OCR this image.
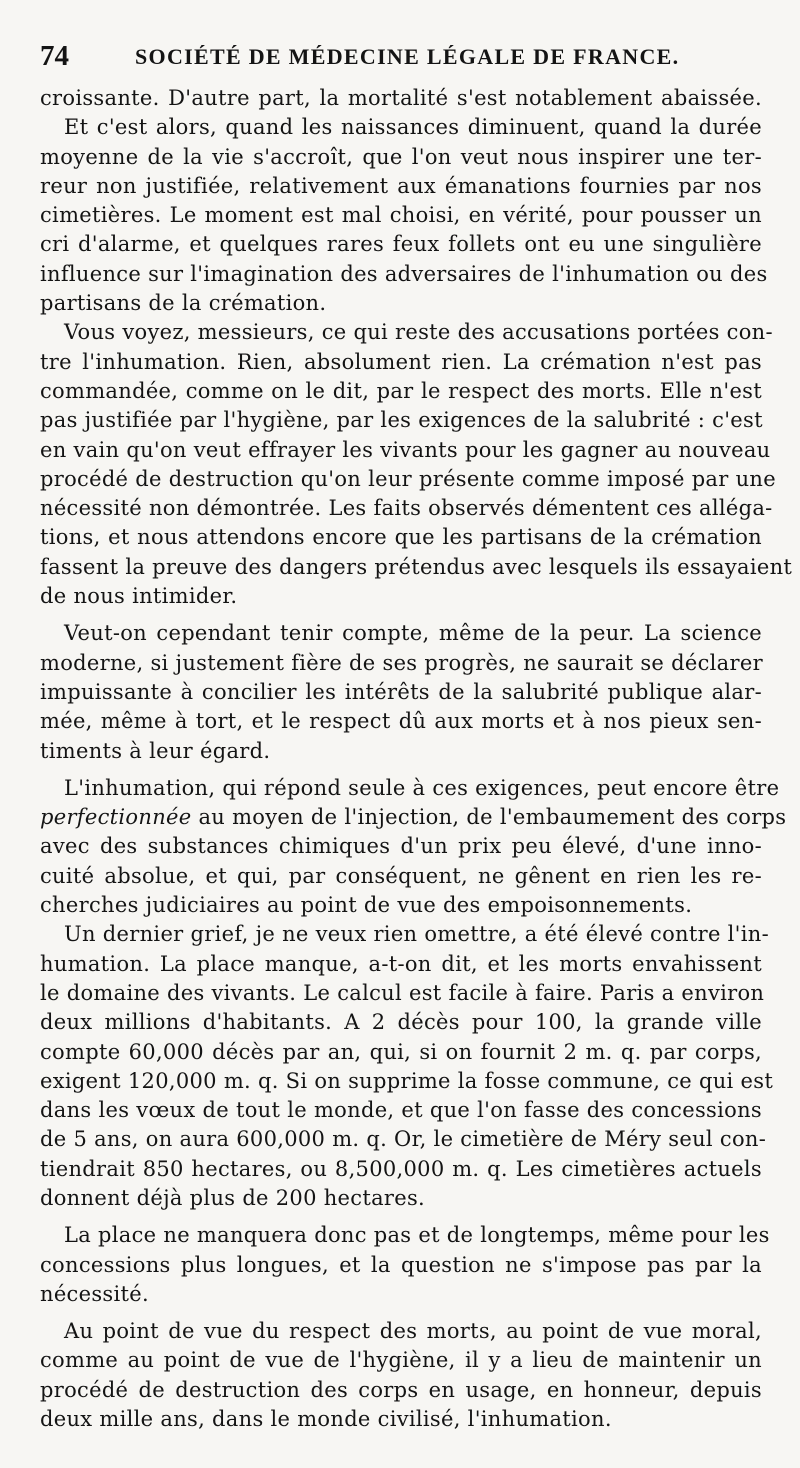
74	SOCIÉTÉ DE MÉDECINE LÉGALE DE FRANCE.
croissante. D'autre part, la mortalité s'est notablement abaissée.
Et c'est alors, quand les naissances diminuent, quand la durée
moyenne de la vie s'accroît, que l'on veut nous inspirer une ter-
reur non justifiée, relativement aux émanations fournies par nos
cimetières. Le moment est mal choisi, en vérité, pour pousser un
cri d'alarme, et quelques rares feux follets ont eu une singulière
influence sur l'imagination des adversaires de l'inhumation ou des
partisans de la crémation.
Vous voyez, messieurs, ce qui reste des accusations portées con-
tre l'inhumation. Rien, absolument rien. La crémation n'est pas
commandée, comme on le dit, par le respect des morts. Elle n'est
pas justifiée par l'hygiène, par les exigences de la salubrité : c'est
en vain qu'on veut effrayer les vivants pour les gagner au nouveau
procédé de destruction qu'on leur présente comme imposé par une
nécessité non démontrée. Les faits observés démentent ces alléga-
tions, et nous attendons encore que les partisans de la crémation
fassent la preuve des dangers prétendus avec lesquels ils essayaient
de nous intimider.
Veut-on cependant tenir compte, même de la peur. La science
moderne, si justement fière de ses progrès, ne saurait se déclarer
impuissante à concilier les intérêts de la salubrité publique alar-
mée, même à tort, et le respect dû aux morts et à nos pieux sen-
timents à leur égard.
L'inhumation, qui répond seule à ces exigences, peut encore être
perfectionnée au moyen de l'injection, de l'embaumement des corps
avec des substances chimiques d'un prix peu élevé, d'une inno-
cuité absolue, et qui, par conséquent, ne gênent en rien les re-
cherches judiciaires au point de vue des empoisonnements.
Un dernier grief, je ne veux rien omettre, a été élevé contre l'in-
humation. La place manque, a-t-on dit, et les morts envahissent
le domaine des vivants. Le calcul est facile à faire. Paris a environ
deux millions d'habitants. A 2 décès pour 100, la grande ville
compte 60,000 décès par an, qui, si on fournit 2 m. q. par corps,
exigent 120,000 m. q. Si on supprime la fosse commune, ce qui est
dans les vœux de tout le monde, et que l'on fasse des concessions
de 5 ans, on aura 600,000 m. q. Or, le cimetière de Méry seul con-
tiendrait 850 hectares, ou 8,500,000 m. q. Les cimetières actuels
donnent déjà plus de 200 hectares.
La place ne manquera donc pas et de longtemps, même pour les
concessions plus longues, et la question ne s'impose pas par la
nécessité.
Au point de vue du respect des morts, au point de vue moral,
comme au point de vue de l'hygiène, il y a lieu de maintenir un
procédé de destruction des corps en usage, en honneur, depuis
deux mille ans, dans le monde civilisé, l'inhumation.
